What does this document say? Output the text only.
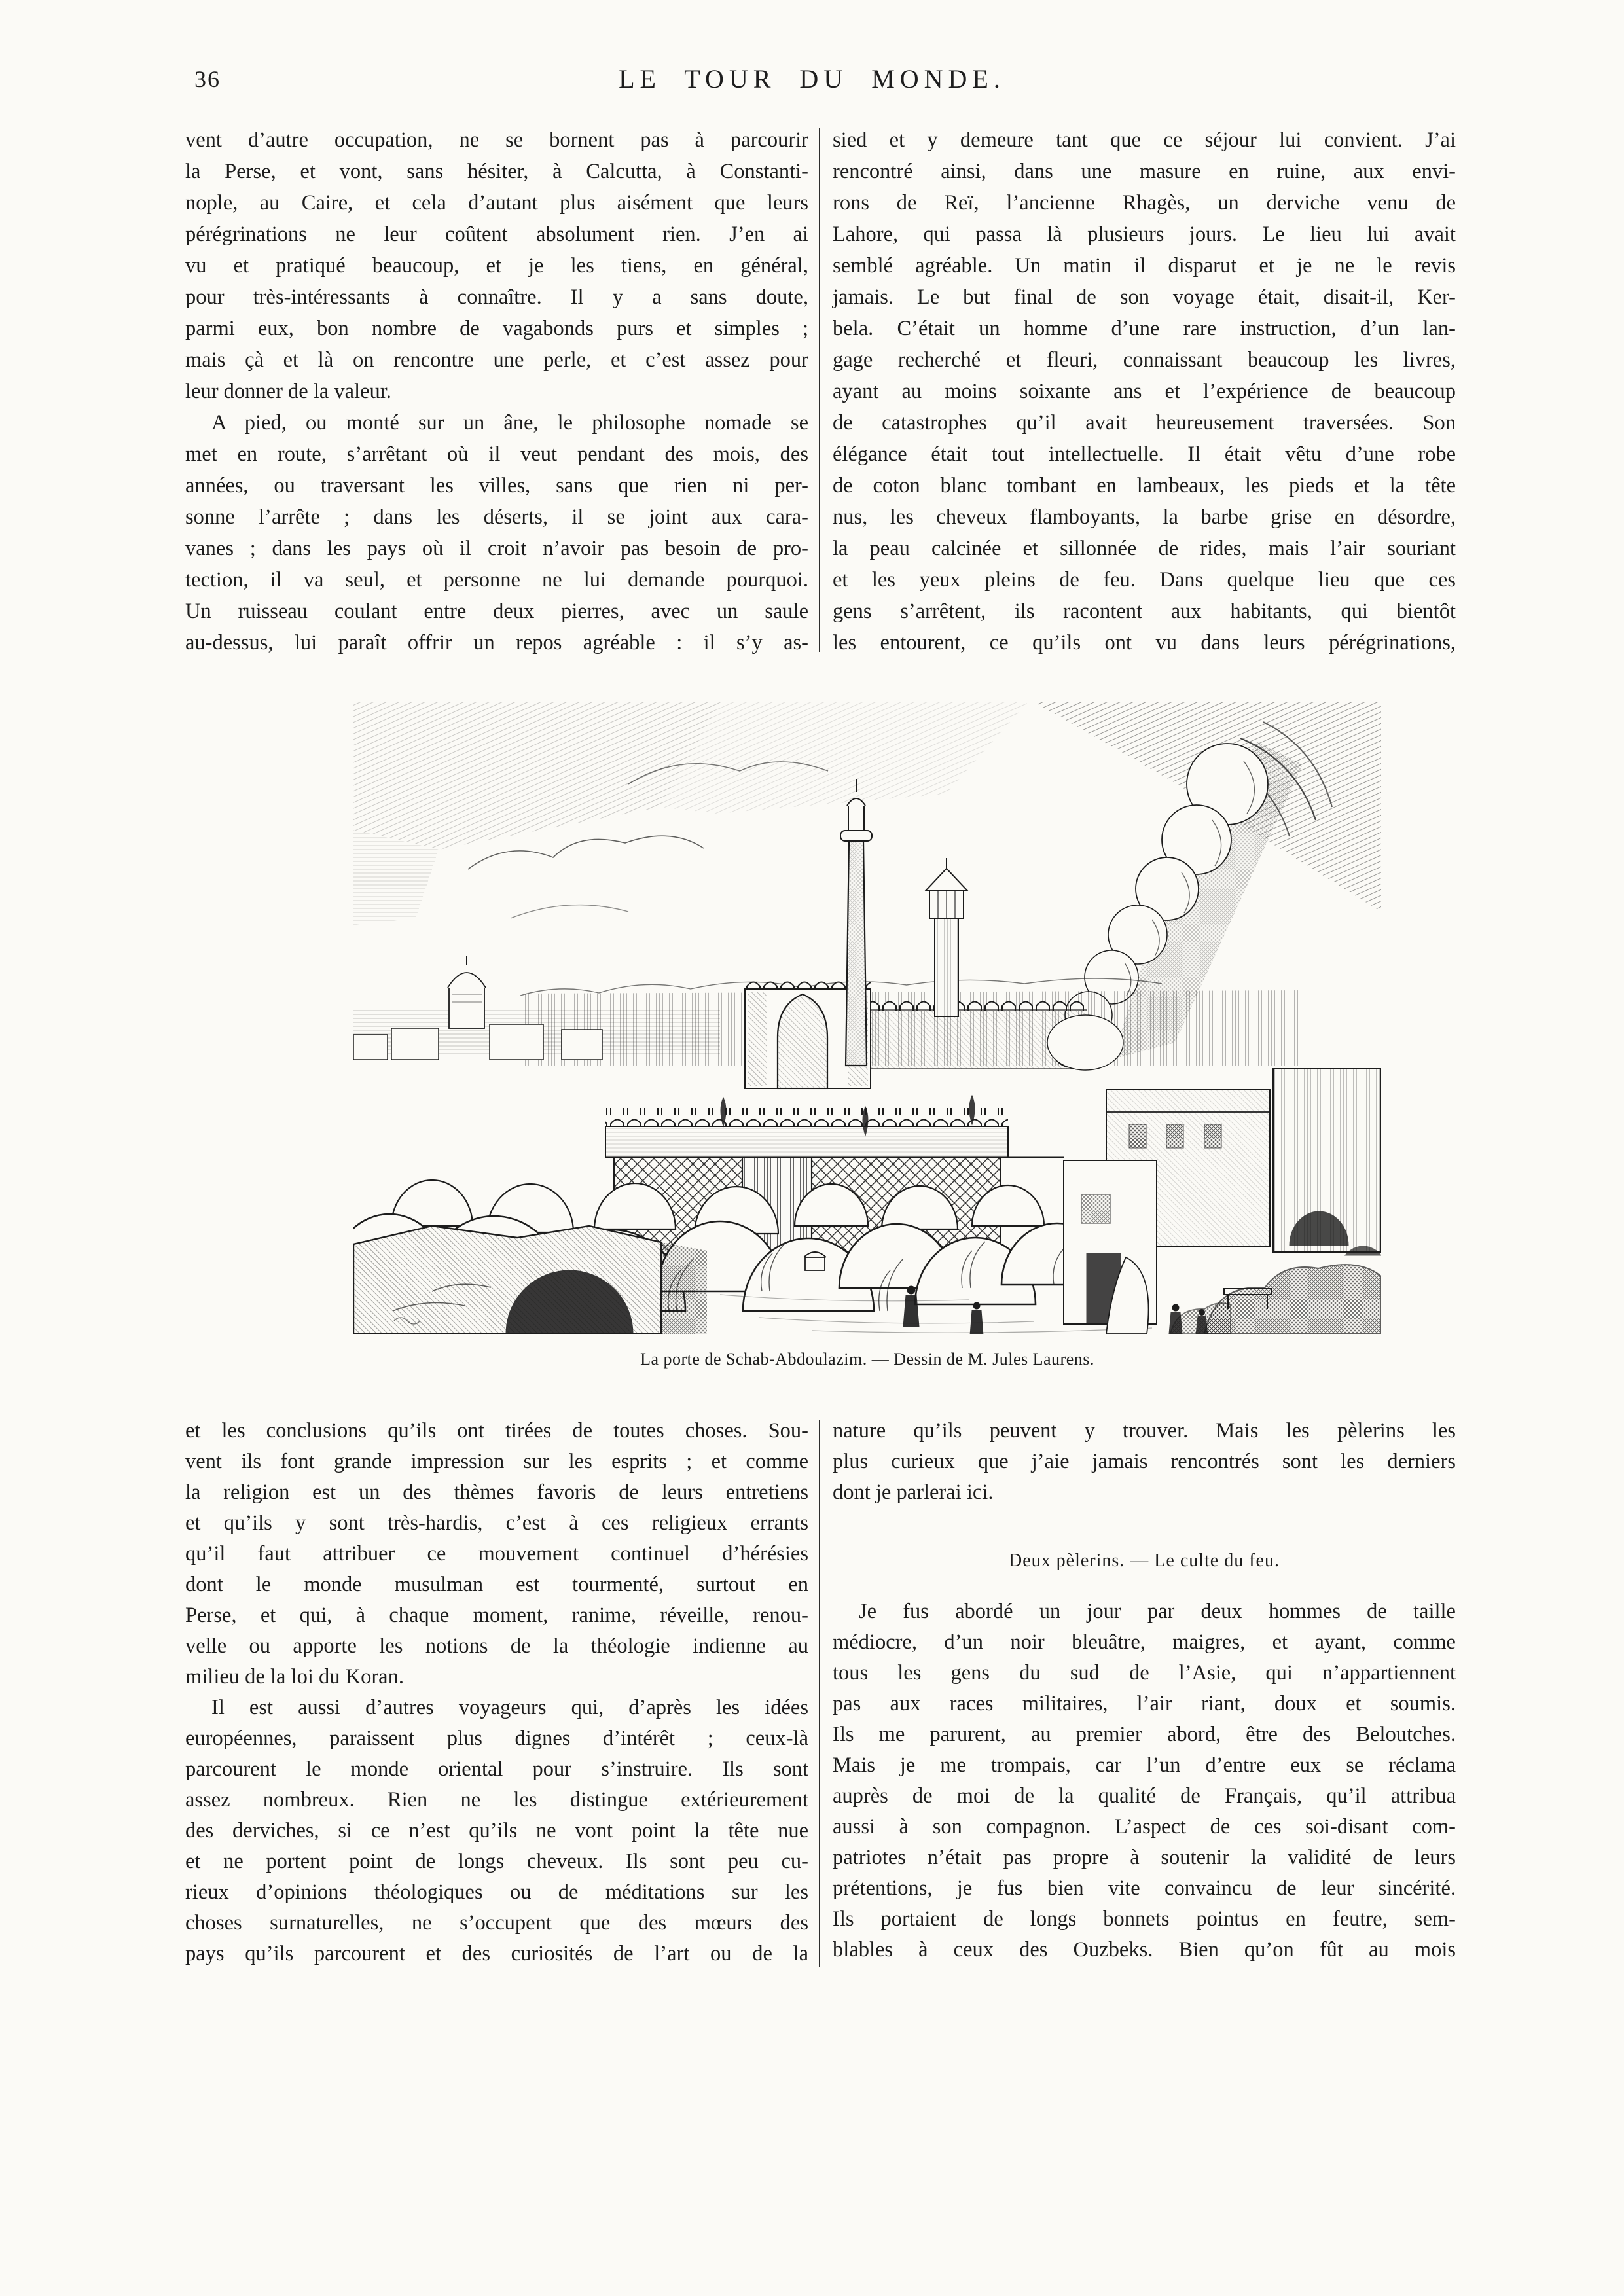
36	LE TOUR DU MONDE.
vent d’autre occupation, ne se bornent pas à parcourir
la Perse, et vont, sans hésiter, à Calcutta, à Constanti-
nople, au Caire, et cela d’autant plus aisément que leurs
pérégrinations ne leur coûtent absolument rien. J’en ai
vu et pratiqué beaucoup, et je les tiens, en général,
pour très-intéressants à connaître. Il y a sans doute,
parmi eux, bon nombre de vagabonds purs et simples ;
mais çà et là on rencontre une perle, et c’est assez pour
leur donner de la valeur.
A pied, ou monté sur un âne, le philosophe nomade se
met en route, s’arrêtant où il veut pendant des mois, des
années, ou traversant les villes, sans que rien ni per-
sonne l’arrête ; dans les déserts, il se joint aux cara-
vanes ; dans les pays où il croit n’avoir pas besoin de pro-
tection, il va seul, et personne ne lui demande pourquoi.
Un ruisseau coulant entre deux pierres, avec un saule
au-dessus, lui paraît offrir un repos agréable : il s’y as-
sied et y demeure tant que ce séjour lui convient. J’ai
rencontré ainsi, dans une masure en ruine, aux envi-
rons de Reï, l’ancienne Rhagès, un derviche venu de
Lahore, qui passa là plusieurs jours. Le lieu lui avait
semblé agréable. Un matin il disparut et je ne le revis
jamais. Le but final de son voyage était, disait-il, Ker-
bela. C’était un homme d’une rare instruction, d’un lan-
gage recherché et fleuri, connaissant beaucoup les livres,
ayant au moins soixante ans et l’expérience de beaucoup
de catastrophes qu’il avait heureusement traversées. Son
élégance était tout intellectuelle. Il était vêtu d’une robe
de coton blanc tombant en lambeaux, les pieds et la tête
nus, les cheveux flamboyants, la barbe grise en désordre,
la peau calcinée et sillonnée de rides, mais l’air souriant
et les yeux pleins de feu. Dans quelque lieu que ces
gens s’arrêtent, ils racontent aux habitants, qui bientôt
les entourent, ce qu’ils ont vu dans leurs pérégrinations,
La porte de Schab-Abdoulazim. — Dessin de M. Jules Laurens.
et les conclusions qu’ils ont tirées de toutes choses. Sou-
vent ils font grande impression sur les esprits ; et comme
la religion est un des thèmes favoris de leurs entretiens
et qu’ils y sont très-hardis, c’est à ces religieux errants
qu’il faut attribuer ce mouvement continuel d’hérésies
dont le monde musulman est tourmenté, surtout en
Perse, et qui, à chaque moment, ranime, réveille, renou-
velle ou apporte les notions de la théologie indienne au
milieu de la loi du Koran.
Il est aussi d’autres voyageurs qui, d’après les idées
européennes, paraissent plus dignes d’intérêt ; ceux-là
parcourent le monde oriental pour s’instruire. Ils sont
assez nombreux. Rien ne les distingue extérieurement
des derviches, si ce n’est qu’ils ne vont point la tête nue
et ne portent point de longs cheveux. Ils sont peu cu-
rieux d’opinions théologiques ou de méditations sur les
choses surnaturelles, ne s’occupent que des mœurs des
pays qu’ils parcourent et des curiosités de l’art ou de la
nature qu’ils peuvent y trouver. Mais les pèlerins les
plus curieux que j’aie jamais rencontrés sont les derniers
dont je parlerai ici.
Deux pèlerins. — Le culte du feu.
Je fus abordé un jour par deux hommes de taille
médiocre, d’un noir bleuâtre, maigres, et ayant, comme
tous les gens du sud de l’Asie, qui n’appartiennent
pas aux races militaires, l’air riant, doux et soumis.
Ils me parurent, au premier abord, être des Beloutches.
Mais je me trompais, car l’un d’entre eux se réclama
auprès de moi de la qualité de Français, qu’il attribua
aussi à son compagnon. L’aspect de ces soi-disant com-
patriotes n’était pas propre à soutenir la validité de leurs
prétentions, je fus bien vite convaincu de leur sincérité.
Ils portaient de longs bonnets pointus en feutre, sem-
blables à ceux des Ouzbeks. Bien qu’on fût au mois
